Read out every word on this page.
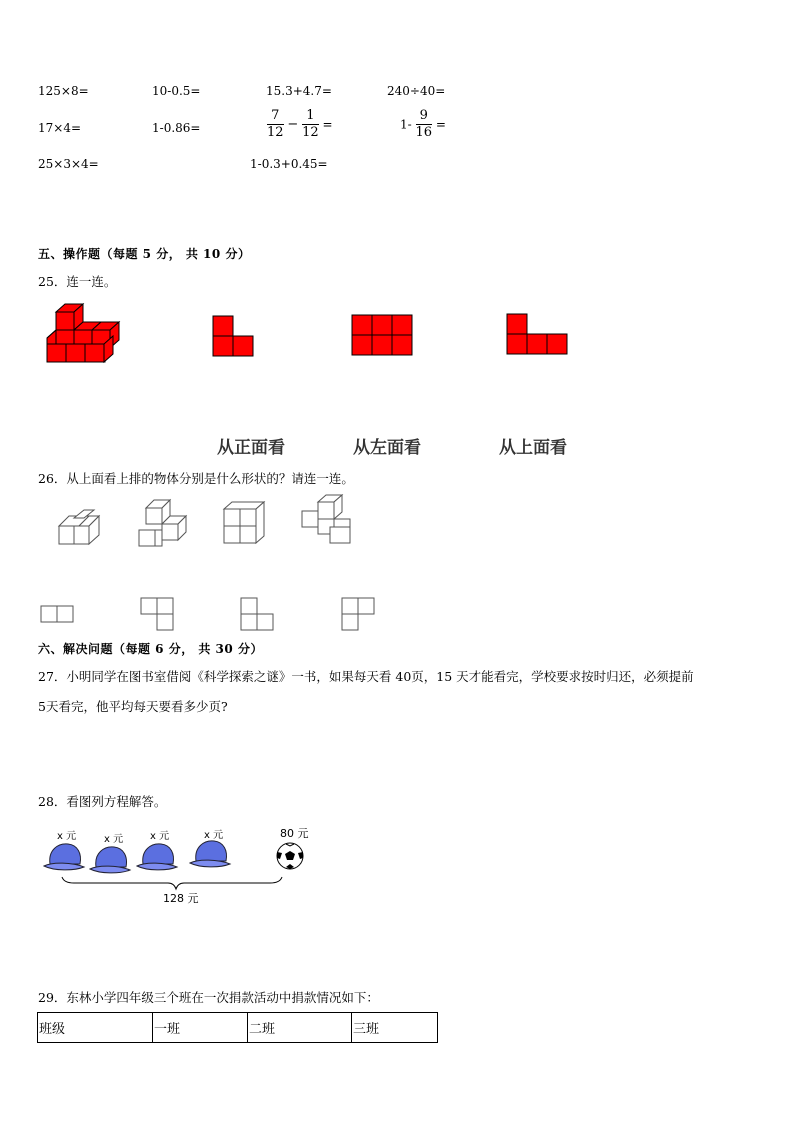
125×8=	10-0.5=	15.3+4.7=	240÷40=
17×4=	1-0.86=	$\frac{7}{12} - \frac{1}{12}$ =	$1- \frac{9}{16}$ =
25×3×4=	1-0.3+0.45=
五、操作题（每题 5 分， 共 10 分）
25．连一连。
从正面看	从左面看	从上面看
26．从上面看上排的物体分别是什么形状的？请连一连。
六、解决问题（每题 6 分， 共 30 分）
27．小明同学在图书室借阅《科学探索之谜》一书，如果每天看 40页，15 天才能看完，学校要求按时归还，必须提前
5天看完，他平均每天要看多少页?
28．看图列方程解答。
x 元	x 元	x 元	x 元	80 元
128 元
29．东林小学四年级三个班在一次捐款活动中捐款情况如下：
班级	一班	二班	三班
